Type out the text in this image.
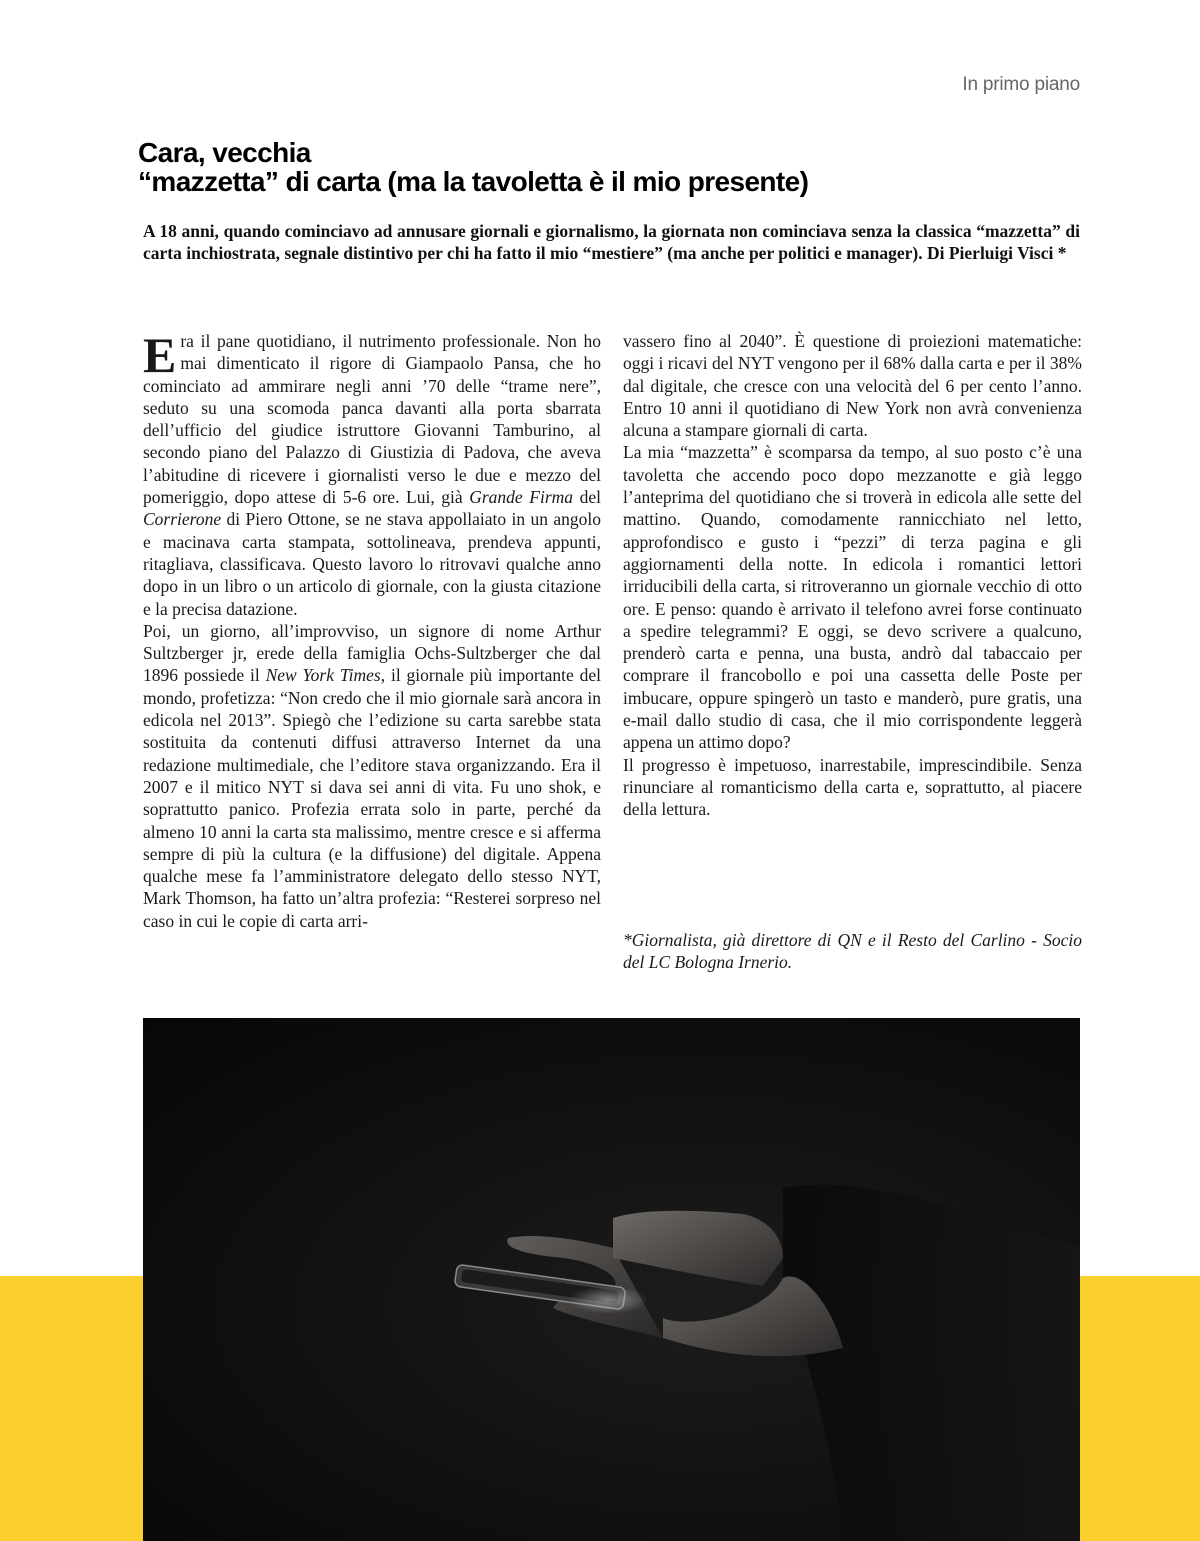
In primo piano
Cara, vecchia
“mazzetta” di carta (ma la tavoletta è il mio presente)

A 18 anni, quando cominciavo ad annusare giornali e giornalismo, la giornata non cominciava senza la classica “mazzetta” di carta inchiostrata, segnale distintivo per chi ha fatto il mio “mestiere” (ma anche per politici e manager). Di Pierluigi Visci *

Era il pane quotidiano, il nutrimento professionale. Non ho mai dimenticato il rigore di Giampaolo Pansa, che ho cominciato ad ammirare negli anni ’70 delle “trame nere”, seduto su una scomoda panca davanti alla porta sbarrata dell’ufficio del giudice istruttore Giovanni Tamburino, al secondo piano del Palazzo di Giustizia di Padova, che aveva l’abitudine di ricevere i giornalisti verso le due e mezzo del pomeriggio, dopo attese di 5-6 ore. Lui, già Grande Firma del Corrierone di Piero Ottone, se ne stava appollaiato in un angolo e macinava carta stampata, sottolineava, prendeva appunti, ritagliava, classificava. Questo lavoro lo ritrovavi qualche anno dopo in un libro o un articolo di giornale, con la giusta citazione e la precisa datazione.

Poi, un giorno, all’improvviso, un signore di nome Arthur Sultzberger jr, erede della famiglia Ochs-Sultzberger che dal 1896 possiede il New York Times, il giornale più importante del mondo, profetizza: “Non credo che il mio giornale sarà ancora in edicola nel 2013”. Spiegò che l’edizione su carta sarebbe stata sostituita da contenuti diffusi attraverso Internet da una redazione multimediale, che l’editore stava organizzando. Era il 2007 e il mitico NYT si dava sei anni di vita. Fu uno shok, e soprattutto panico. Profezia errata solo in parte, perché da almeno 10 anni la carta sta malissimo, mentre cresce e si afferma sempre di più la cultura (e la diffusione) del digitale. Appena qualche mese fa l’amministratore delegato dello stesso NYT, Mark Thomson, ha fatto un’altra profezia: “Resterei sorpreso nel caso in cui le copie di carta arri-

vassero fino al 2040”. È questione di proiezioni matematiche: oggi i ricavi del NYT vengono per il 68% dalla carta e per il 38% dal digitale, che cresce con una velocità del 6 per cento l’anno. Entro 10 anni il quotidiano di New York non avrà convenienza alcuna a stampare giornali di carta.

La mia “mazzetta” è scomparsa da tempo, al suo posto c’è una tavoletta che accendo poco dopo mezzanotte e già leggo l’anteprima del quotidiano che si troverà in edicola alle sette del mattino. Quando, comodamente rannicchiato nel letto, approfondisco e gusto i “pezzi” di terza pagina e gli aggiornamenti della notte. In edicola i romantici lettori irriducibili della carta, si ritroveranno un giornale vecchio di otto ore. E penso: quando è arrivato il telefono avrei forse continuato a spedire telegrammi? E oggi, se devo scrivere a qualcuno, prenderò carta e penna, una busta, andrò dal tabaccaio per comprare il francobollo e poi una cassetta delle Poste per imbucare, oppure spingerò un tasto e manderò, pure gratis, una e-mail dallo studio di casa, che il mio corrispondente leggerà appena un attimo dopo?

Il progresso è impetuoso, inarrestabile, imprescindibile. Senza rinunciare al romanticismo della carta e, soprattutto, al piacere della lettura.

*Giornalista, già direttore di QN e il Resto del Carlino - Socio del LC Bologna Irnerio.
